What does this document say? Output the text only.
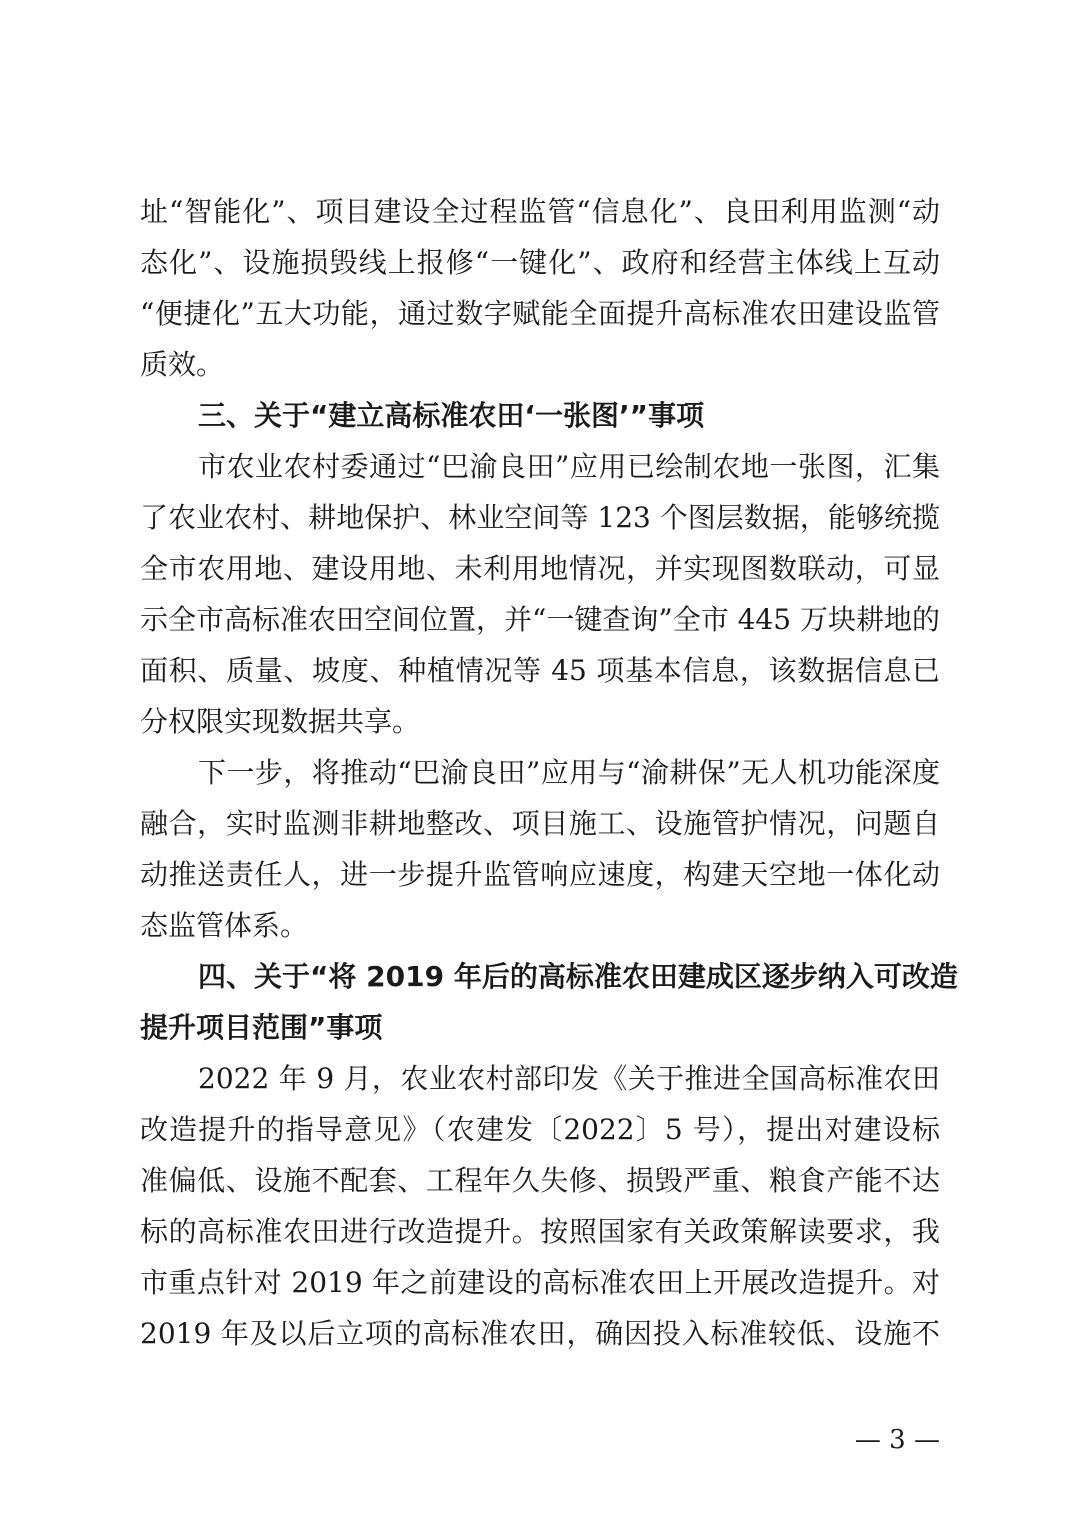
址“智能化”、项目建设全过程监管“信息化”、良田利用监测“动
态化”、设施损毁线上报修“一键化”、政府和经营主体线上互动
“便捷化”五大功能，通过数字赋能全面提升高标准农田建设监管
质效。
三、关于“建立高标准农田‘一张图’”事项
市农业农村委通过“巴渝良田”应用已绘制农地一张图，汇集
了农业农村、耕地保护、林业空间等 123 个图层数据，能够统揽
全市农用地、建设用地、未利用地情况，并实现图数联动，可显
示全市高标准农田空间位置，并“一键查询”全市 445 万块耕地的
面积、质量、坡度、种植情况等 45 项基本信息，该数据信息已
分权限实现数据共享。
下一步，将推动“巴渝良田”应用与“渝耕保”无人机功能深度
融合，实时监测非耕地整改、项目施工、设施管护情况，问题自
动推送责任人，进一步提升监管响应速度，构建天空地一体化动
态监管体系。
四、关于“将 2019 年后的高标准农田建成区逐步纳入可改造
提升项目范围”事项
2022 年 9 月，农业农村部印发《关于推进全国高标准农田
改造提升的指导意见》（农建发〔2022〕5 号），提出对建设标
准偏低、设施不配套、工程年久失修、损毁严重、粮食产能不达
标的高标准农田进行改造提升。按照国家有关政策解读要求，我
市重点针对 2019 年之前建设的高标准农田上开展改造提升。对
2019 年及以后立项的高标准农田，确因投入标准较低、设施不
— 3 —
